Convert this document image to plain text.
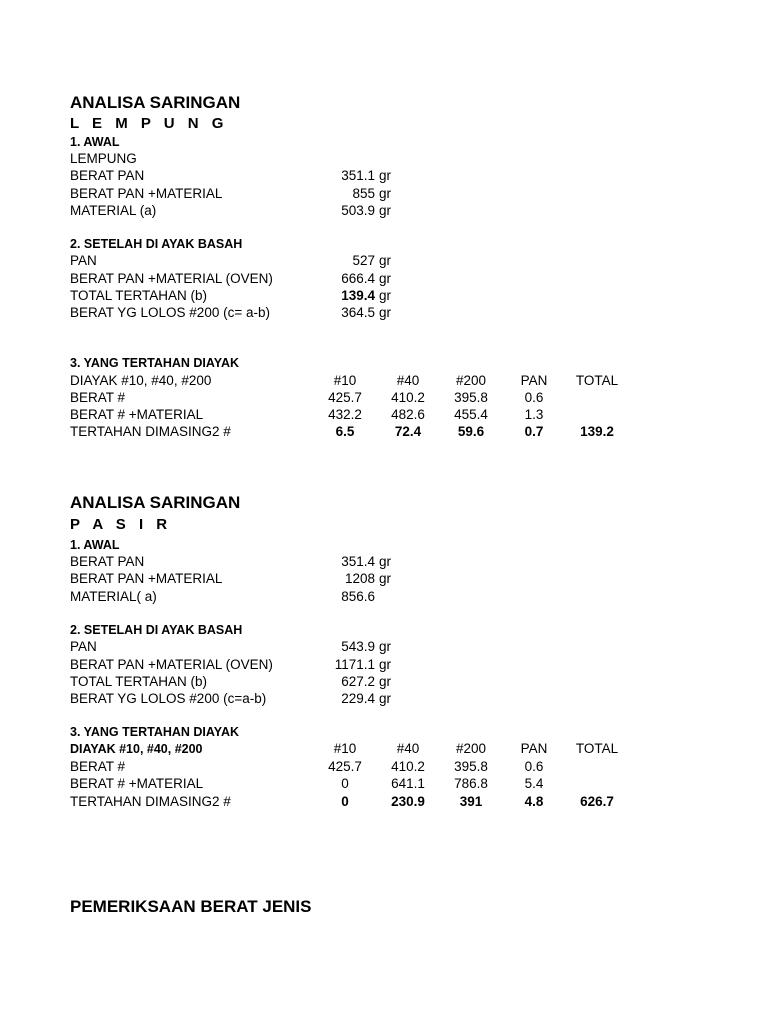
ANALISA SARINGAN
L E M P U N G
1. AWAL
LEMPUNG
BERAT PAN	351.1 gr
BERAT PAN +MATERIAL	855 gr
MATERIAL (a)	503.9 gr
2. SETELAH DI AYAK BASAH
PAN	527 gr
BERAT PAN +MATERIAL (OVEN)	666.4 gr
TOTAL TERTAHAN (b)	139.4 gr
BERAT YG LOLOS #200 (c= a-b)	364.5 gr
3. YANG TERTAHAN DIAYAK
DIAYAK #10, #40, #200	#10	#40	#200	PAN	TOTAL
BERAT #	425.7	410.2	395.8	0.6
BERAT # +MATERIAL	432.2	482.6	455.4	1.3
TERTAHAN DIMASING2 #	6.5	72.4	59.6	0.7	139.2
ANALISA SARINGAN
P A S I R
1. AWAL
BERAT PAN	351.4 gr
BERAT PAN +MATERIAL	1208 gr
MATERIAL( a)	856.6
2. SETELAH DI AYAK BASAH
PAN	543.9 gr
BERAT PAN +MATERIAL (OVEN)	1171.1 gr
TOTAL TERTAHAN (b)	627.2 gr
BERAT YG LOLOS #200 (c=a-b)	229.4 gr
3. YANG TERTAHAN DIAYAK
DIAYAK #10, #40, #200	#10	#40	#200	PAN	TOTAL
BERAT #	425.7	410.2	395.8	0.6
BERAT # +MATERIAL	0	641.1	786.8	5.4
TERTAHAN DIMASING2 #	0	230.9	391	4.8	626.7
PEMERIKSAAN BERAT JENIS
